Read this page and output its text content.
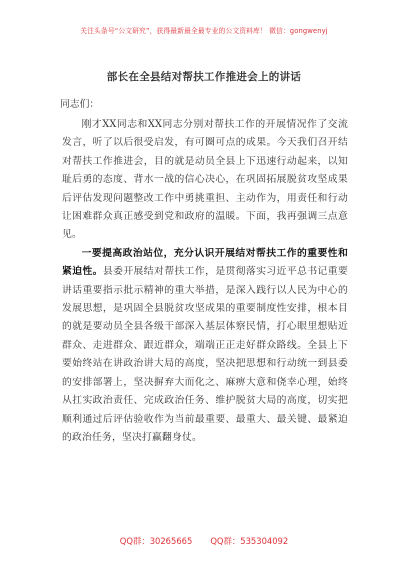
关注头条号“公文研究”，获得最新最全最专业的公文资料库！ 微信：gongwenyj
部长在全县结对帮扶工作推进会上的讲话
同志们：

刚才XX同志和XX同志分别对帮扶工作的开展情况作了交流发言，听了以后很受启发，有可圈可点的成果。今天我们召开结对帮扶工作推进会，目的就是动员全县上下迅速行动起来，以知耻后勇的态度、背水一战的信心决心，在巩固拓展脱贫攻坚成果后评估发现问题整改工作中勇挑重担、主动作为，用责任和行动让困难群众真正感受到党和政府的温暖。下面，我再强调三点意见。

一要提高政治站位，充分认识开展结对帮扶工作的重要性和紧迫性。县委开展结对帮扶工作，是贯彻落实习近平总书记重要讲话重要指示批示精神的重大举措，是深入践行以人民为中心的发展思想，是巩固全县脱贫攻坚成果的重要制度性安排，根本目的就是要动员全县各级干部深入基层体察民情，打心眼里想贴近群众、走进群众、跟近群众，端端正正走好群众路线。全县上下要始终站在讲政治讲大局的高度，坚决把思想和行动统一到县委的安排部署上，坚决摒弃大而化之、麻痹大意和侥幸心理，始终从扛实政治责任、完成政治任务、维护脱贫大局的高度，切实把顺利通过后评估验收作为当前最重要、最重大、最关键、最紧迫的政治任务，坚决打赢翻身仗。

QQ群：30265665 QQ群：535304092
